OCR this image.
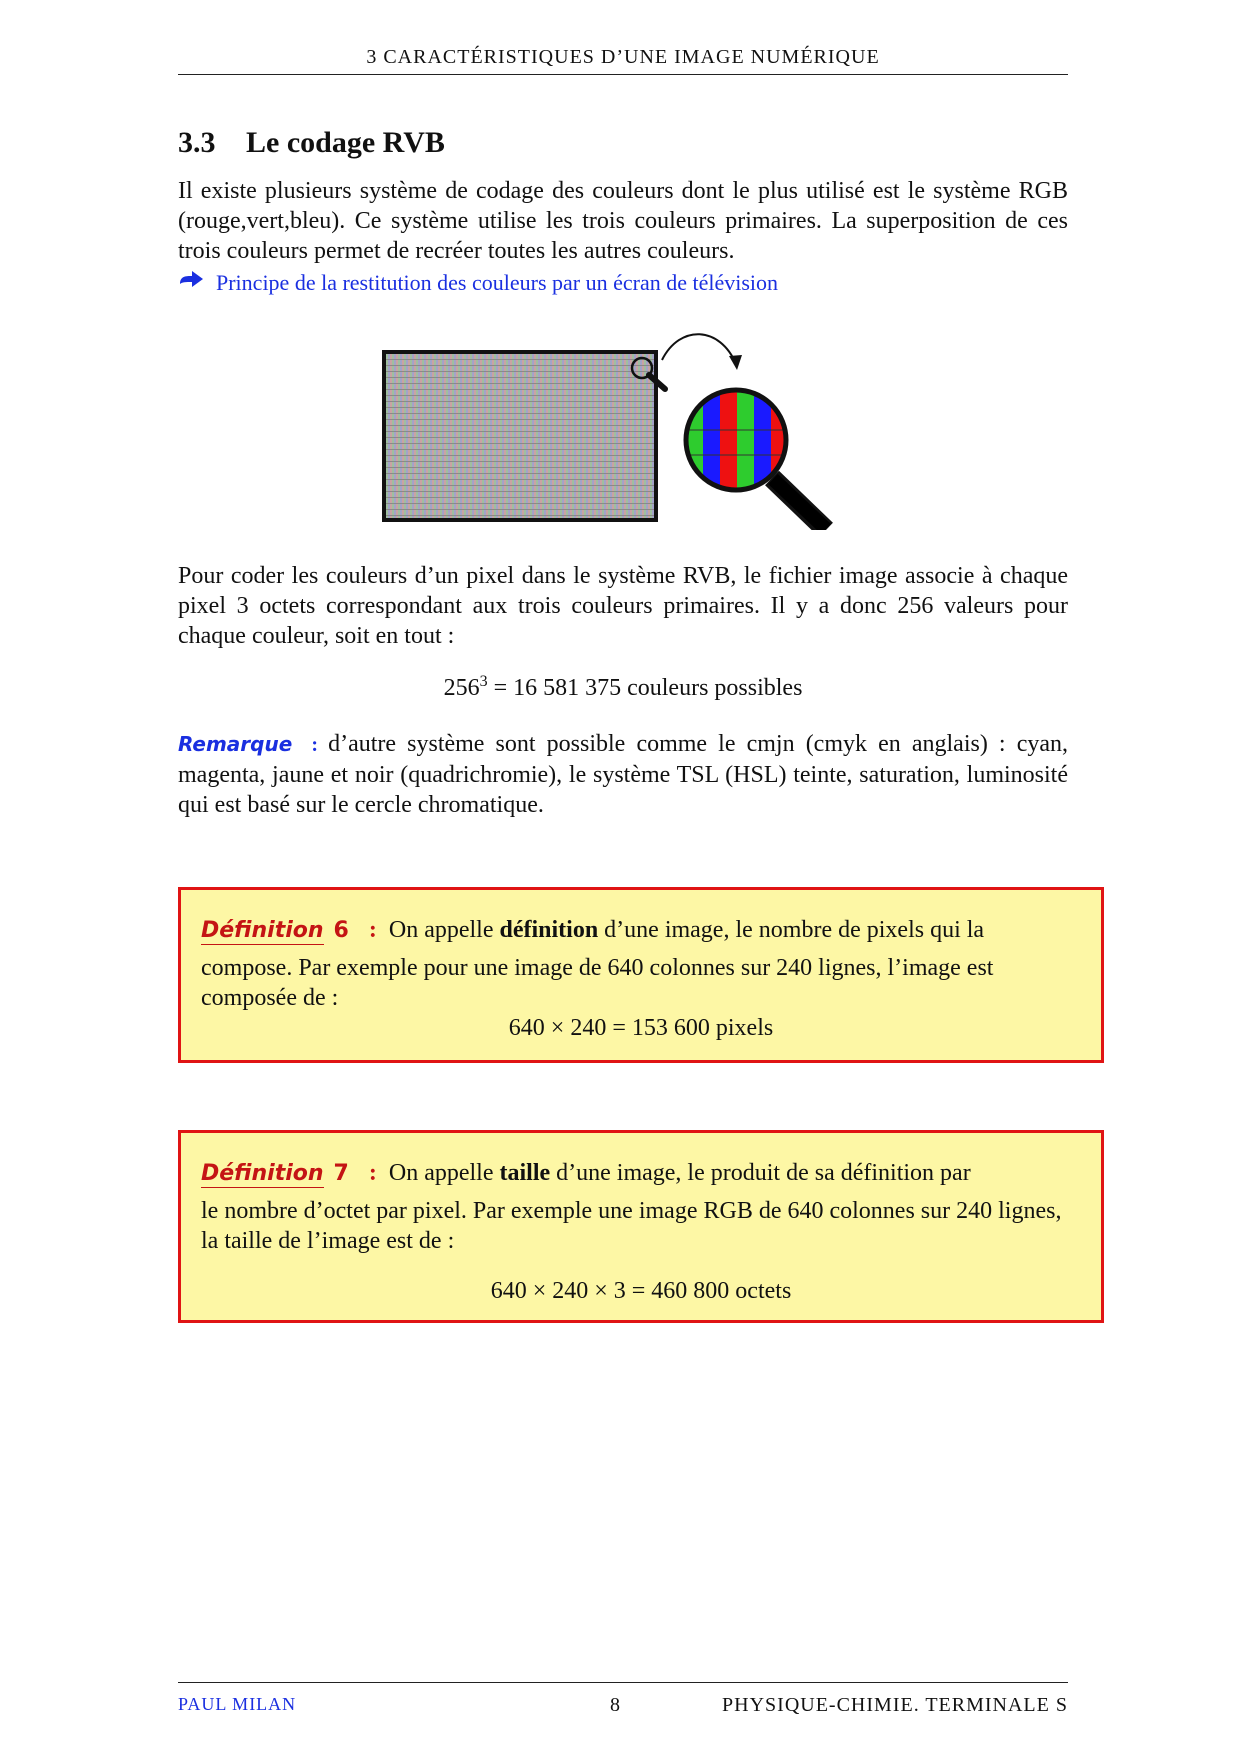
3 CARACTÉRISTIQUES D’UNE IMAGE NUMÉRIQUE
3.3 Le codage RVB
Il existe plusieurs système de codage des couleurs dont le plus utilisé est le système RGB (rouge,vert,bleu). Ce système utilise les trois couleurs primaires. La superposition de ces trois couleurs permet de recréer toutes les autres couleurs.
Principe de la restitution des couleurs par un écran de télévision
Pour coder les couleurs d’un pixel dans le système RVB, le fichier image associe à chaque pixel 3 octets correspondant aux trois couleurs primaires. Il y a donc 256 valeurs pour chaque couleur, soit en tout :
$256^3 = 16$ 581 375 couleurs possibles
Remarque : d’autre système sont possible comme le cmjn (cmyk en anglais) : cyan, magenta, jaune et noir (quadrichromie), le système TSL (HSL) teinte, saturation, luminosité qui est basé sur le cercle chromatique.
Définition 6 : On appelle définition d’une image, le nombre de pixels qui la
compose. Par exemple pour une image de 640 colonnes sur 240 lignes, l’image est composée de :
640 × 240 = 153 600 pixels
Définition 7 : On appelle taille d’une image, le produit de sa définition par
le nombre d’octet par pixel. Par exemple une image RGB de 640 colonnes sur 240 lignes, la taille de l’image est de :
640 × 240 × 3 = 460 800 octets
PAUL MILAN	8	PHYSIQUE-CHIMIE. TERMINALE S
